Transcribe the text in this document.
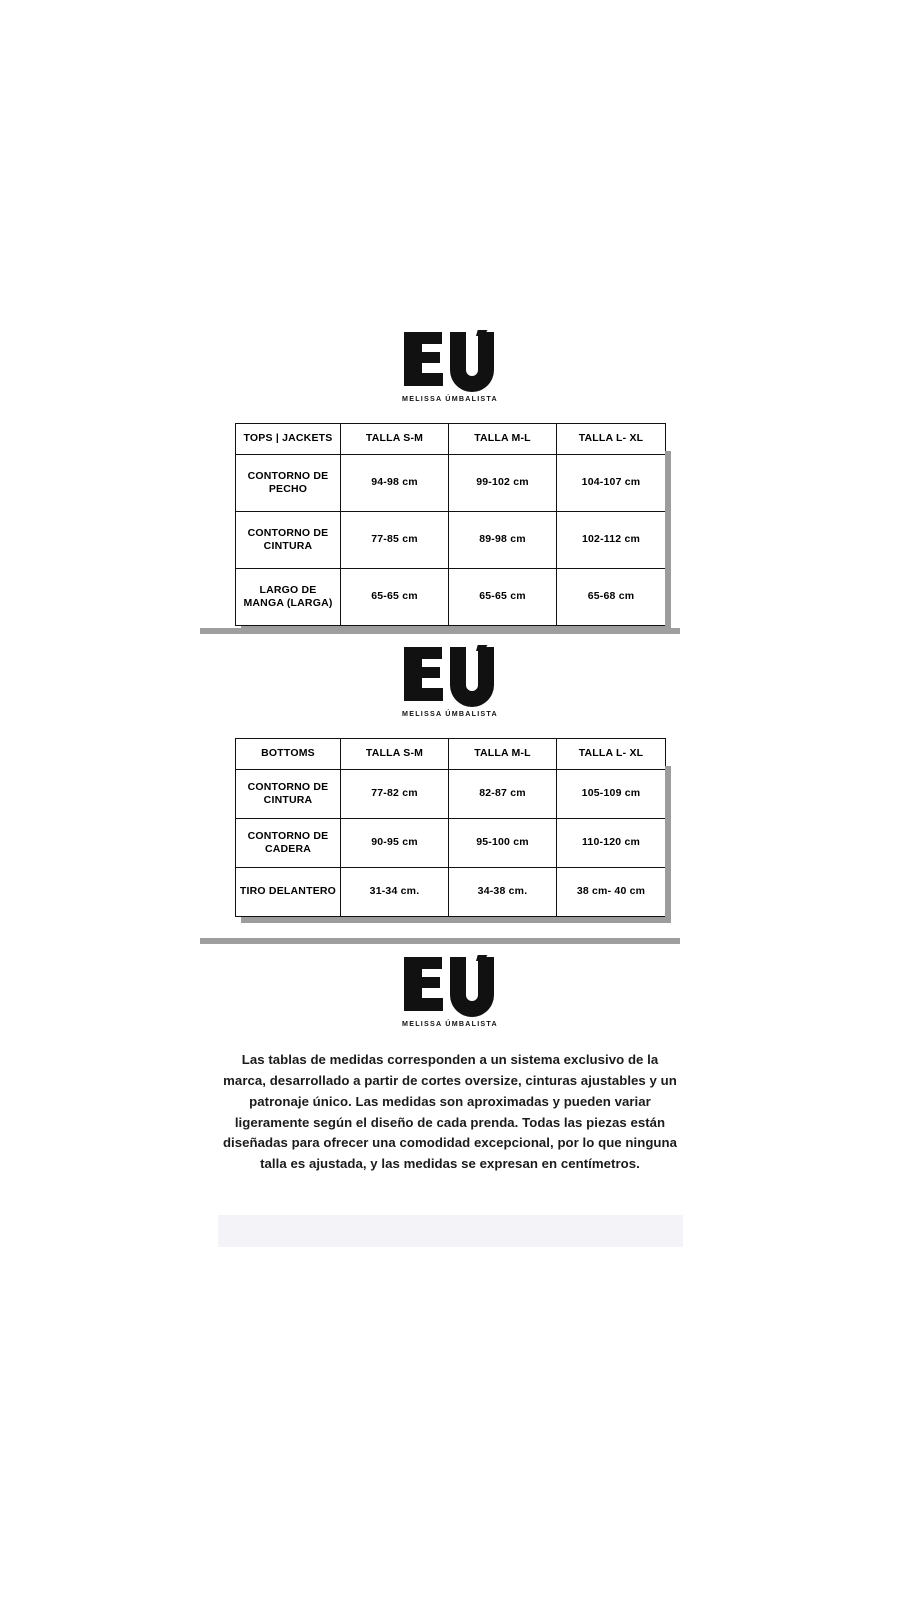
MELISSA ÚMBALISTA
TOPS | JACKETS	TALLA S-M	TALLA M-L	TALLA L- XL
CONTORNO DE PECHO	94-98 cm	99-102 cm	104-107 cm
CONTORNO DE CINTURA	77-85 cm	89-98 cm	102-112 cm
LARGO DE MANGA (LARGA)	65-65 cm	65-65 cm	65-68 cm
MELISSA ÚMBALISTA
BOTTOMS	TALLA S-M	TALLA M-L	TALLA L- XL
CONTORNO DE CINTURA	77-82 cm	82-87 cm	105-109 cm
CONTORNO DE CADERA	90-95 cm	95-100 cm	110-120 cm
TIRO DELANTERO	31-34 cm.	34-38 cm.	38 cm- 40 cm
MELISSA ÚMBALISTA

Las tablas de medidas corresponden a un sistema exclusivo de la marca, desarrollado a partir de cortes oversize, cinturas ajustables y un patronaje único. Las medidas son aproximadas y pueden variar ligeramente según el diseño de cada prenda. Todas las piezas están diseñadas para ofrecer una comodidad excepcional, por lo que ninguna talla es ajustada, y las medidas se expresan en centímetros.
